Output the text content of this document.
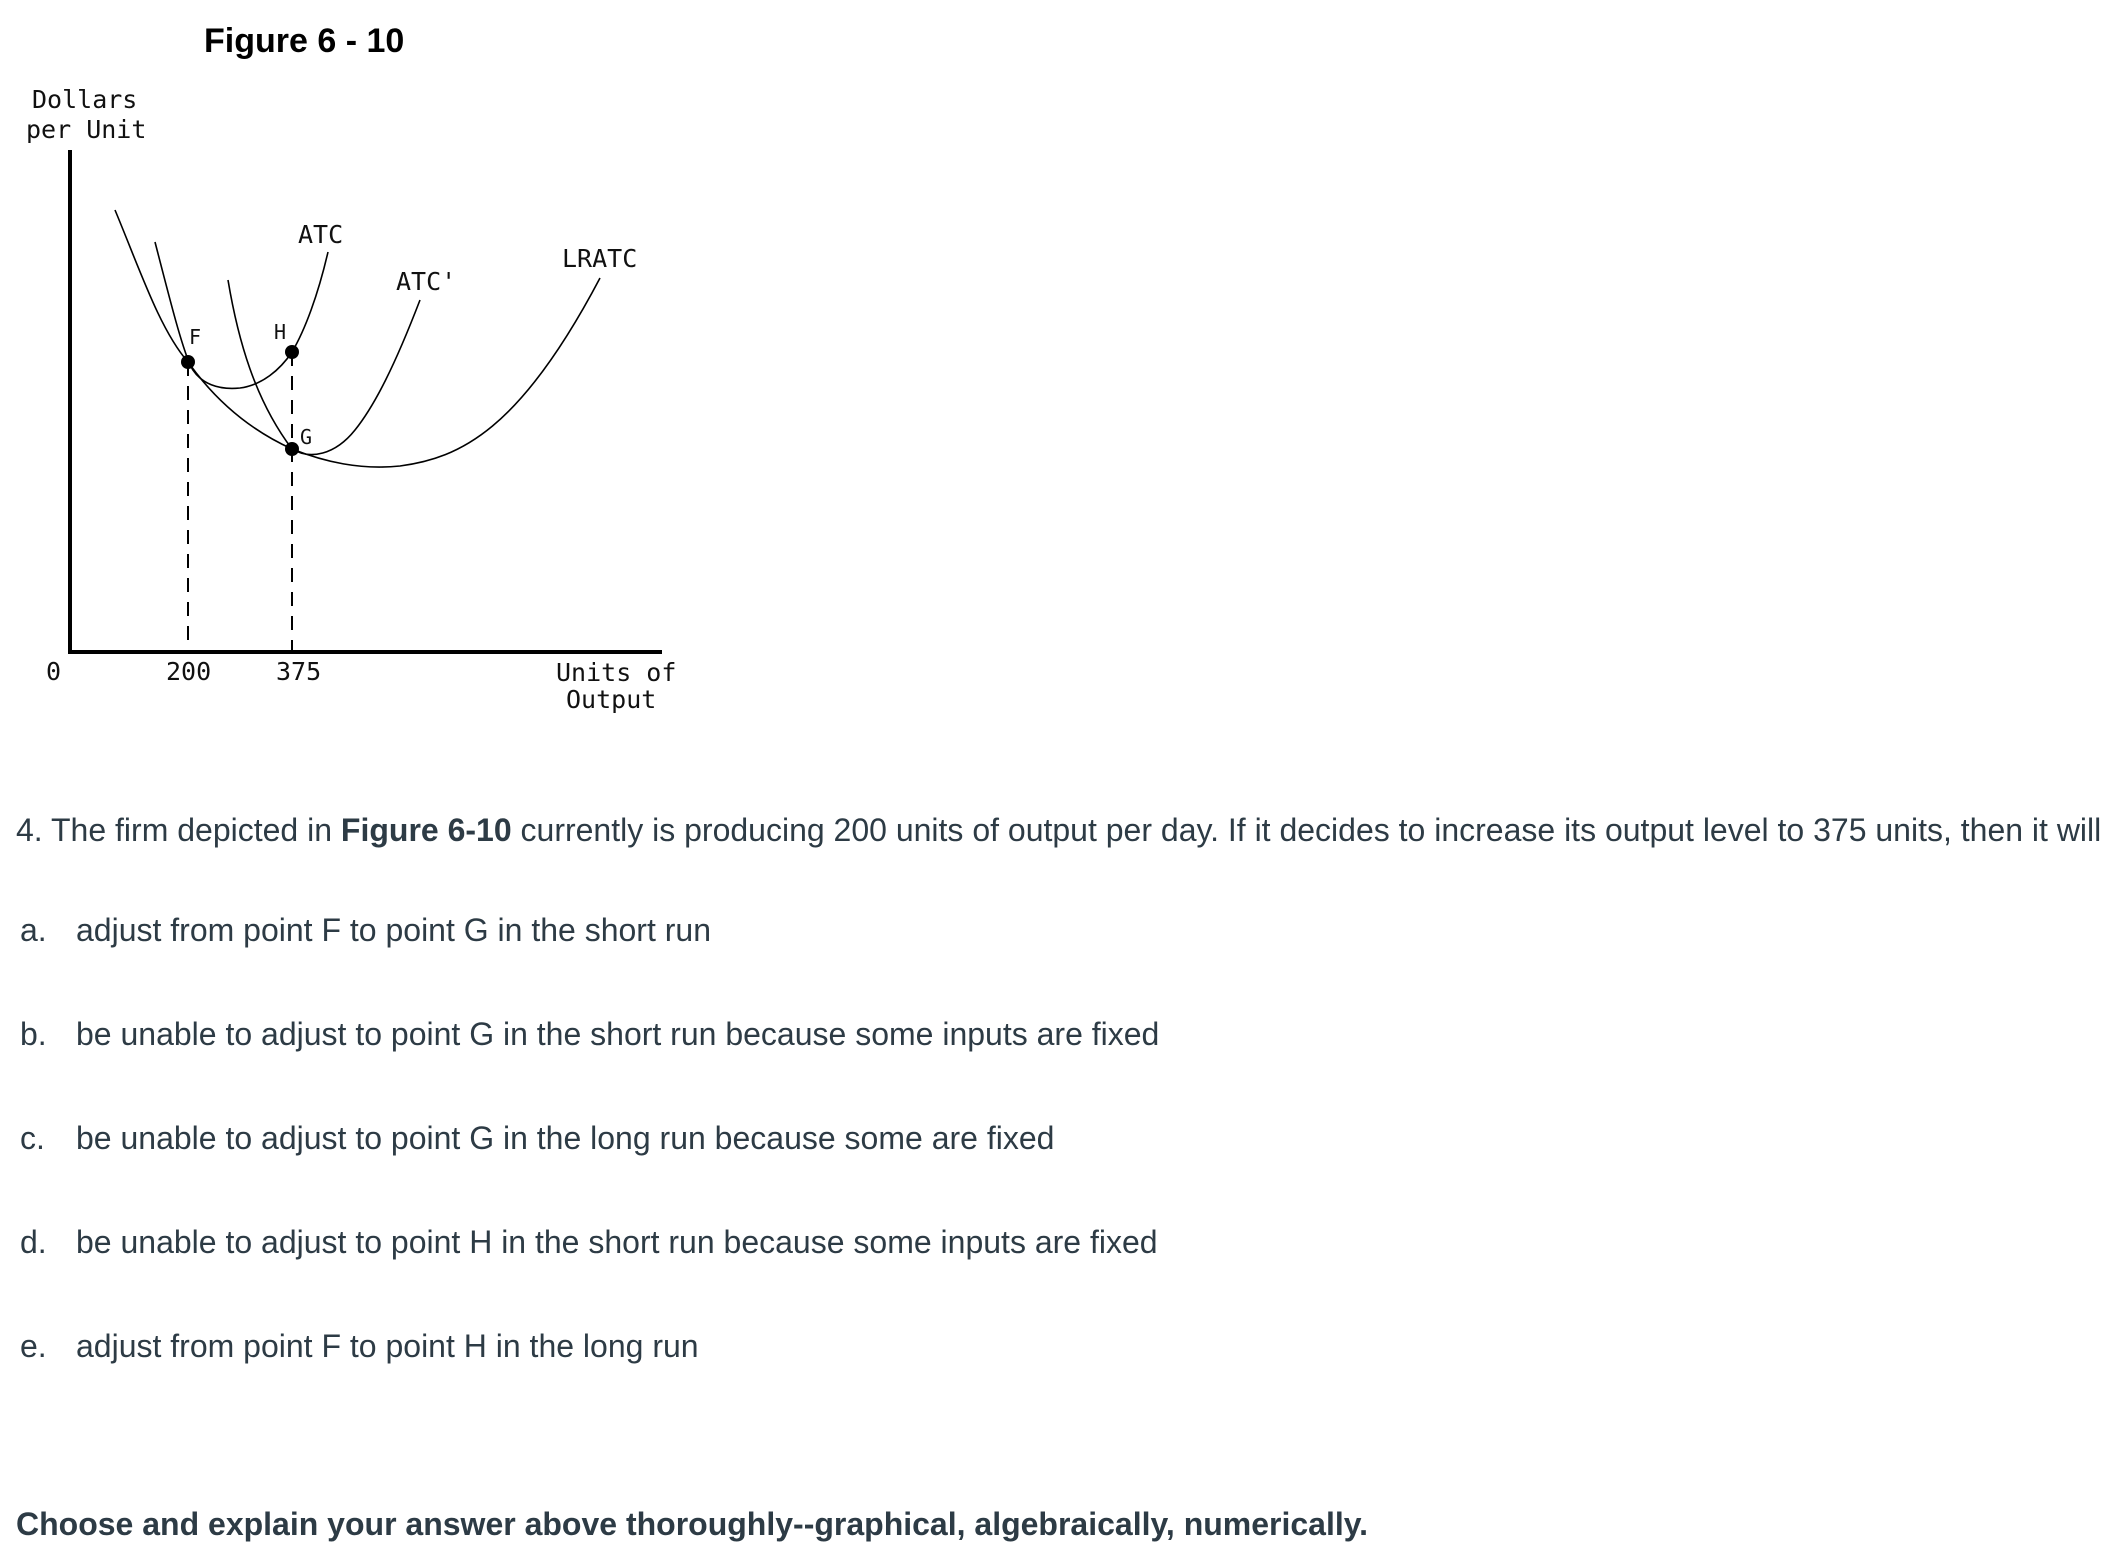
Figure 6 - 10
Dollars
per Unit
ATC
ATC'
LRATC
F	H
G
0	200	375	Units of
Output
4. The firm depicted in Figure 6-10 currently is producing 200 units of output per day. If it decides to increase its output level to 375 units, then it will
a. adjust from point F to point G in the short run
b. be unable to adjust to point G in the short run because some inputs are fixed
c. be unable to adjust to point G in the long run because some are fixed
d. be unable to adjust to point H in the short run because some inputs are fixed
e. adjust from point F to point H in the long run
Choose and explain your answer above thoroughly--graphical, algebraically, numerically.
